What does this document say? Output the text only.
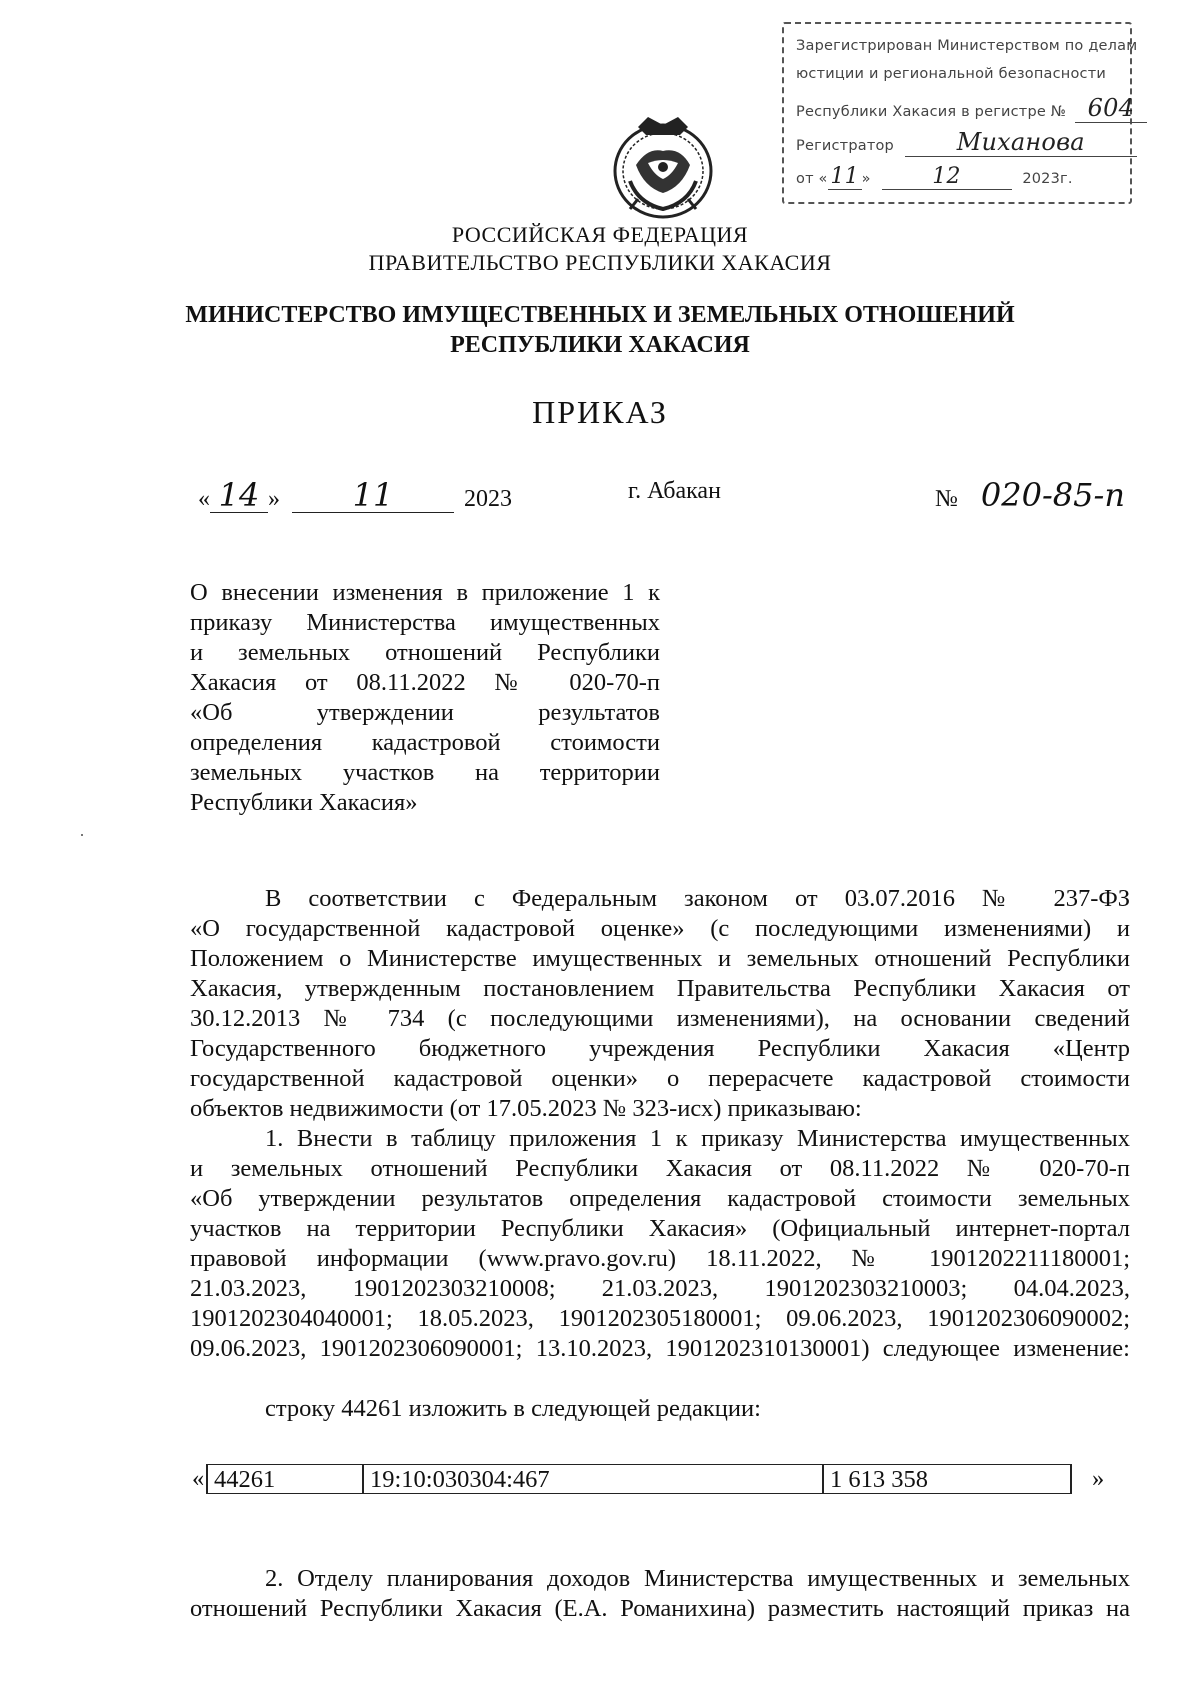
Зарегистрирован Министерством по делам
юстиции и региональной безопасности
Республики Хакасия в регистре № 604
Регистратор	Миханова
от « 11 »	12	2023г.
РОССИЙСКАЯ ФЕДЕРАЦИЯ
ПРАВИТЕЛЬСТВО РЕСПУБЛИКИ ХАКАСИЯ
МИНИСТЕРСТВО ИМУЩЕСТВЕННЫХ И ЗЕМЕЛЬНЫХ ОТНОШЕНИЙ
РЕСПУБЛИКИ ХАКАСИЯ
ПРИКАЗ
« 14 » 11	2023	г. Абакан	№ 020-85-п
О внесении изменения в приложение 1 к
приказу Министерства имущественных
и земельных отношений Республики
Хакасия от 08.11.2022 № 020-70-п
«Об утверждении результатов
определения кадастровой стоимости
земельных участков на территории
Республики Хакасия»
В соответствии с Федеральным законом от 03.07.2016 № 237-ФЗ
«О государственной кадастровой оценке» (с последующими изменениями) и
Положением о Министерстве имущественных и земельных отношений Республики
Хакасия, утвержденным постановлением Правительства Республики Хакасия от
30.12.2013 № 734 (с последующими изменениями), на основании сведений
Государственного бюджетного учреждения Республики Хакасия «Центр
государственной кадастровой оценки» о перерасчете кадастровой стоимости
объектов недвижимости (от 17.05.2023 № 323-исх) приказываю:
1. Внести в таблицу приложения 1 к приказу Министерства имущественных
и земельных отношений Республики Хакасия от 08.11.2022 № 020-70-п
«Об утверждении результатов определения кадастровой стоимости земельных
участков на территории Республики Хакасия» (Официальный интернет-портал
правовой информации (www.pravo.gov.ru) 18.11.2022, № 1901202211180001;
21.03.2023, 1901202303210008; 21.03.2023, 1901202303210003; 04.04.2023,
1901202304040001; 18.05.2023, 1901202305180001; 09.06.2023, 1901202306090002;
09.06.2023, 1901202306090001; 13.10.2023, 1901202310130001) следующее изменение:
строку 44261 изложить в следующей редакции:
« 44261	19:10:030304:467	1 613 358	»
2. Отделу планирования доходов Министерства имущественных и земельных
отношений Республики Хакасия (Е.А. Романихина) разместить настоящий приказ на
